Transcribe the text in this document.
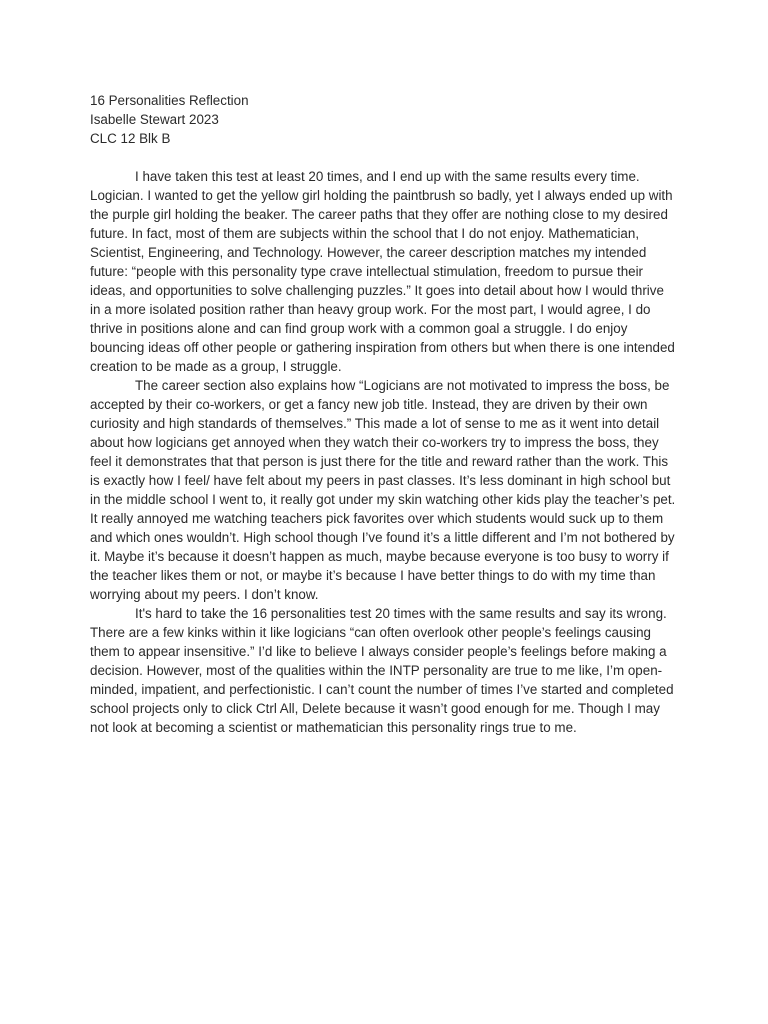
16 Personalities Reflection

Isabelle Stewart 2023

CLC 12 Blk B

I have taken this test at least 20 times, and I end up with the same results every time. Logician. I wanted to get the yellow girl holding the paintbrush so badly, yet I always ended up with the purple girl holding the beaker. The career paths that they offer are nothing close to my desired future. In fact, most of them are subjects within the school that I do not enjoy. Mathematician, Scientist, Engineering, and Technology. However, the career description matches my intended future: “people with this personality type crave intellectual stimulation, freedom to pursue their ideas, and opportunities to solve challenging puzzles.” It goes into detail about how I would thrive in a more isolated position rather than heavy group work. For the most part, I would agree, I do thrive in positions alone and can find group work with a common goal a struggle. I do enjoy bouncing ideas off other people or gathering inspiration from others but when there is one intended creation to be made as a group, I struggle.

The career section also explains how “Logicians are not motivated to impress the boss, be accepted by their co-workers, or get a fancy new job title. Instead, they are driven by their own curiosity and high standards of themselves.” This made a lot of sense to me as it went into detail about how logicians get annoyed when they watch their co-workers try to impress the boss, they feel it demonstrates that that person is just there for the title and reward rather than the work. This is exactly how I feel/ have felt about my peers in past classes. It’s less dominant in high school but in the middle school I went to, it really got under my skin watching other kids play the teacher’s pet. It really annoyed me watching teachers pick favorites over which students would suck up to them and which ones wouldn’t. High school though I’ve found it’s a little different and I’m not bothered by it. Maybe it’s because it doesn’t happen as much, maybe because everyone is too busy to worry if the teacher likes them or not, or maybe it’s because I have better things to do with my time than worrying about my peers. I don’t know.

It's hard to take the 16 personalities test 20 times with the same results and say its wrong. There are a few kinks within it like logicians “can often overlook other people’s feelings causing them to appear insensitive.” I’d like to believe I always consider people’s feelings before making a decision. However, most of the qualities within the INTP personality are true to me like, I’m open-minded, impatient, and perfectionistic. I can’t count the number of times I’ve started and completed school projects only to click Ctrl All, Delete because it wasn’t good enough for me. Though I may not look at becoming a scientist or mathematician this personality rings true to me.
